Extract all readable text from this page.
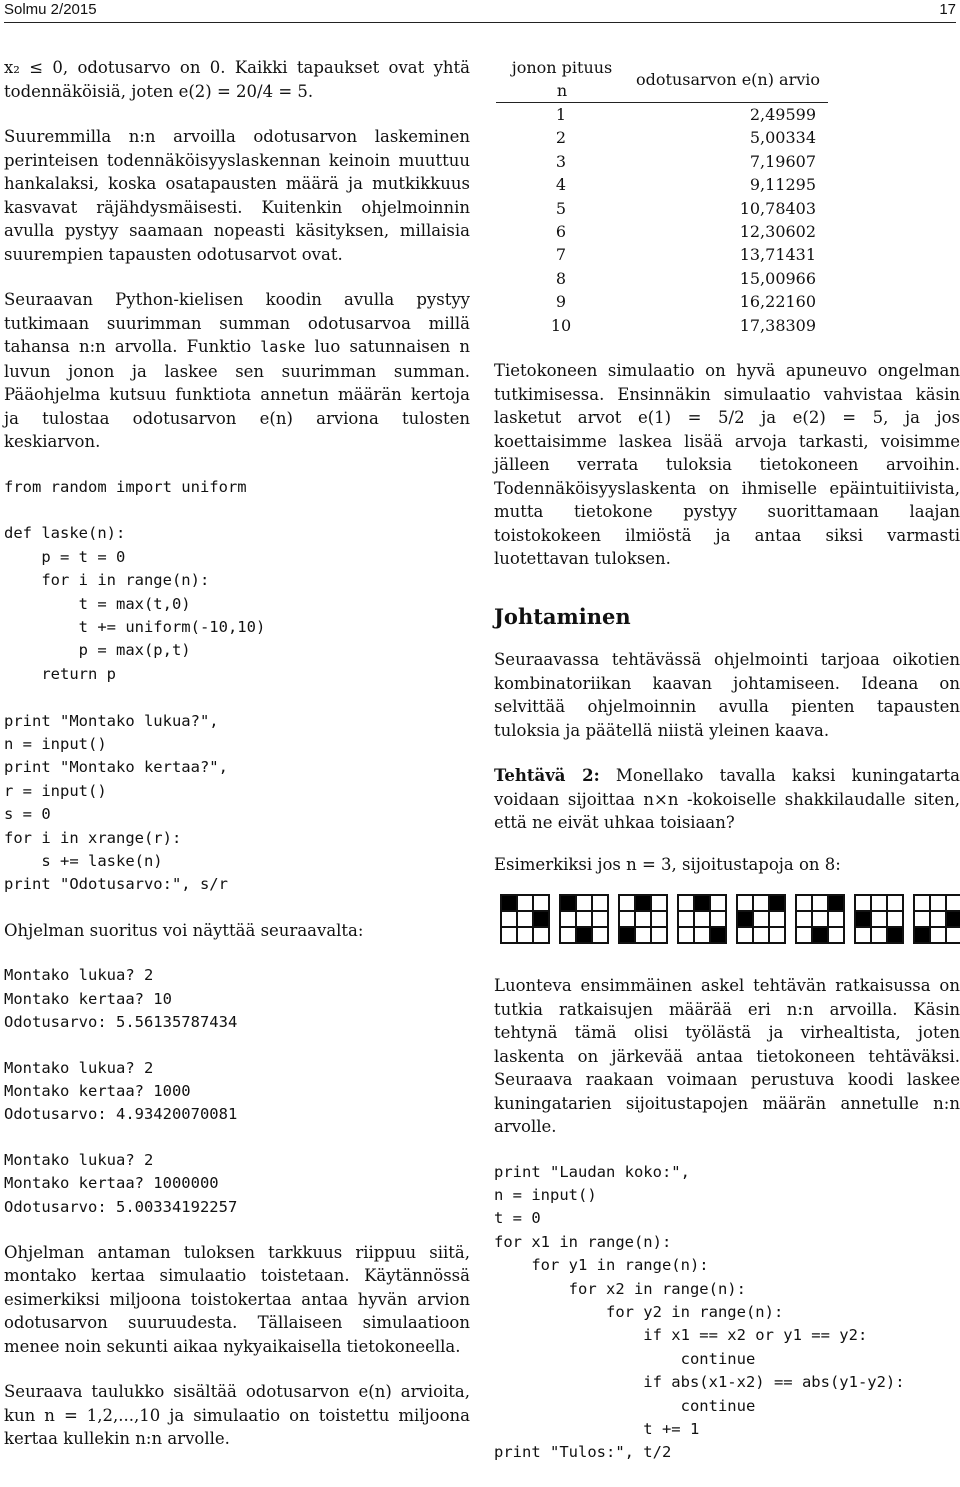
Solmu 2/2015	17

x₂ ≤ 0, odotusarvo on 0. Kaikki tapaukset ovat yhtä todennäköisiä, joten e(2) = 20/4 = 5.

Suuremmilla n:n arvoilla odotusarvon laskeminen perinteisen todennäköisyyslaskennan keinoin muuttuu hankalaksi, koska osatapausten määrä ja mutkikkuus kasvavat räjähdysmäisesti. Kuitenkin ohjelmoinnin avulla pystyy saamaan nopeasti käsityksen, millaisia suurempien tapausten odotusarvot ovat.

Seuraavan Python-kielisen koodin avulla pystyy tutkimaan suurimman summan odotusarvoa millä tahansa n:n arvolla. Funktio laske luo satunnaisen n luvun jonon ja laskee sen suurimman summan. Pääohjelma kutsuu funktiota annetun määrän kertoja ja tulostaa odotusarvon e(n) arviona tulosten keskiarvon.

from random import uniform

def laske(n):
p = t = 0
for i in range(n):
t = max(t,0)
t += uniform(-10,10)
p = max(p,t)
return p

print "Montako lukua?",
n = input()
print "Montako kertaa?",
r = input()
s = 0
for i in xrange(r):
s += laske(n)
print "Odotusarvo:", s/r

Ohjelman suoritus voi näyttää seuraavalta:

Montako lukua? 2
Montako kertaa? 10
Odotusarvo: 5.56135787434
Montako lukua? 2
Montako kertaa? 1000
Odotusarvo: 4.93420070081
Montako lukua? 2
Montako kertaa? 1000000
Odotusarvo: 5.00334192257

Ohjelman antaman tuloksen tarkkuus riippuu siitä, montako kertaa simulaatio toistetaan. Käytännössä esimerkiksi miljoona toistokertaa antaa hyvän arvion odotusarvon suuruudesta. Tällaiseen simulaatioon menee noin sekunti aikaa nykyaikaisella tietokoneella.

Seuraava taulukko sisältää odotusarvon e(n) arvioita, kun n = 1,2,...,10 ja simulaatio on toistettu miljoona kertaa kullekin n:n arvolle.

jonon pituus n	odotusarvon e(n) arvio
1	2,49599
2	5,00334
3	7,19607
4	9,11295
5	10,78403
6	12,30602
7	13,71431
8	15,00966
9	16,22160
10	17,38309

Tietokoneen simulaatio on hyvä apuneuvo ongelman tutkimisessa. Ensinnäkin simulaatio vahvistaa käsin lasketut arvot e(1) = 5/2 ja e(2) = 5, ja jos koettaisimme laskea lisää arvoja tarkasti, voisimme jälleen verrata tuloksia tietokoneen arvoihin. Todennäköisyyslaskenta on ihmiselle epäintuitiivista, mutta tietokone pystyy suorittamaan laajan toistokokeen ilmiöstä ja antaa siksi varmasti luotettavan tuloksen.

Johtaminen

Seuraavassa tehtävässä ohjelmointi tarjoaa oikotien kombinatoriikan kaavan johtamiseen. Ideana on selvittää ohjelmoinnin avulla pienten tapausten tuloksia ja päätellä niistä yleinen kaava.

Tehtävä 2: Monellako tavalla kaksi kuningatarta voidaan sijoittaa n×n -kokoiselle shakkilaudalle siten, että ne eivät uhkaa toisiaan?

Esimerkiksi jos n = 3, sijoitustapoja on 8:

Luonteva ensimmäinen askel tehtävän ratkaisussa on tutkia ratkaisujen määrää eri n:n arvoilla. Käsin tehtynä tämä olisi työlästä ja virhealtista, joten laskenta on järkevää antaa tietokoneen tehtäväksi. Seuraava raakaan voimaan perustuva koodi laskee kuningatarien sijoitustapojen määrän annetulle n:n arvolle.

print "Laudan koko:",
n = input()
t = 0
for x1 in range(n):
for y1 in range(n):
for x2 in range(n):
for y2 in range(n):
if x1 == x2 or y1 == y2:
continue
if abs(x1-x2) == abs(y1-y2):
continue
t += 1
print "Tulos:", t/2
